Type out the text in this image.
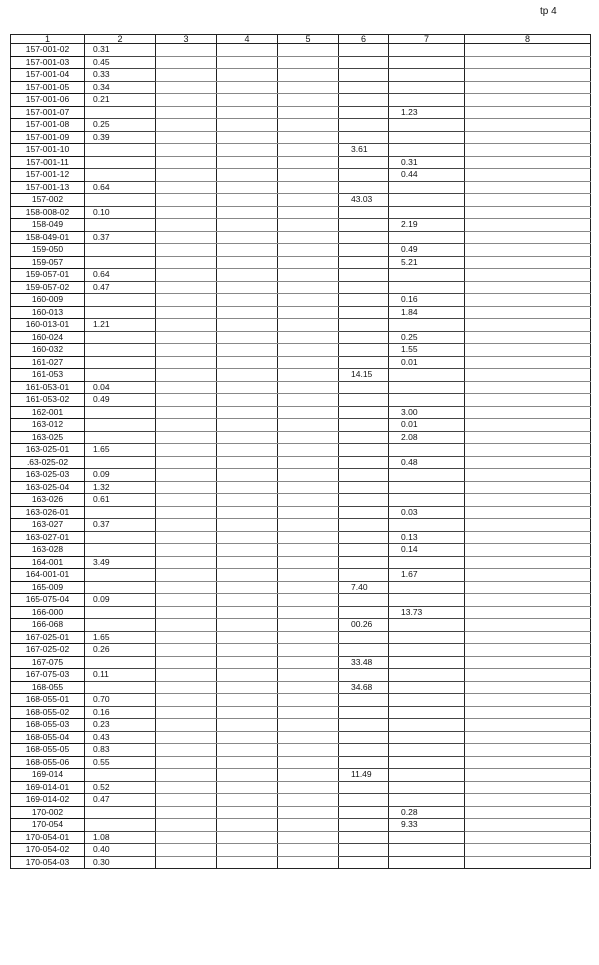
tp 4
1	2	3	4	5	6	7	8
157-001-02	0.31						
157-001-03	0.45						
157-001-04	0.33						
157-001-05	0.34						
157-001-06	0.21						
157-001-07						1.23	
157-001-08	0.25						
157-001-09	0.39						
157-001-10					3.61		
157-001-11						0.31	
157-001-12						0.44	
157-001-13	0.64						
157-002					43.03		
158-008-02	0.10						
158-049						2.19	
158-049-01	0.37						
159-050						0.49	
159-057						5.21	
159-057-01	0.64						
159-057-02	0.47						
160-009						0.16	
160-013						1.84	
160-013-01	1.21						
160-024						0.25	
160-032						1.55	
161-027						0.01	
161-053					14.15		
161-053-01	0.04						
161-053-02	0.49						
162-001						3.00	
163-012						0.01	
163-025						2.08	
163-025-01	1.65						
.63-025-02						0.48	
163-025-03	0.09						
163-025-04	1.32						
163-026	0.61						
163-026-01						0.03	
163-027	0.37						
163-027-01						0.13	
163-028						0.14	
164-001	3.49						
164-001-01						1.67	
165-009					7.40		
165-075-04	0.09						
166-000						13.73	
166-068					00.26		
167-025-01	1.65						
167-025-02	0.26						
167-075					33.48		
167-075-03	0.11						
168-055					34.68		
168-055-01	0.70						
168-055-02	0.16						
168-055-03	0.23						
168-055-04	0.43						
168-055-05	0.83						
168-055-06	0.55						
169-014					11.49		
169-014-01	0.52						
169-014-02	0.47						
170-002						0.28	
170-054						9.33	
170-054-01	1.08						
170-054-02	0.40						
170-054-03	0.30						
